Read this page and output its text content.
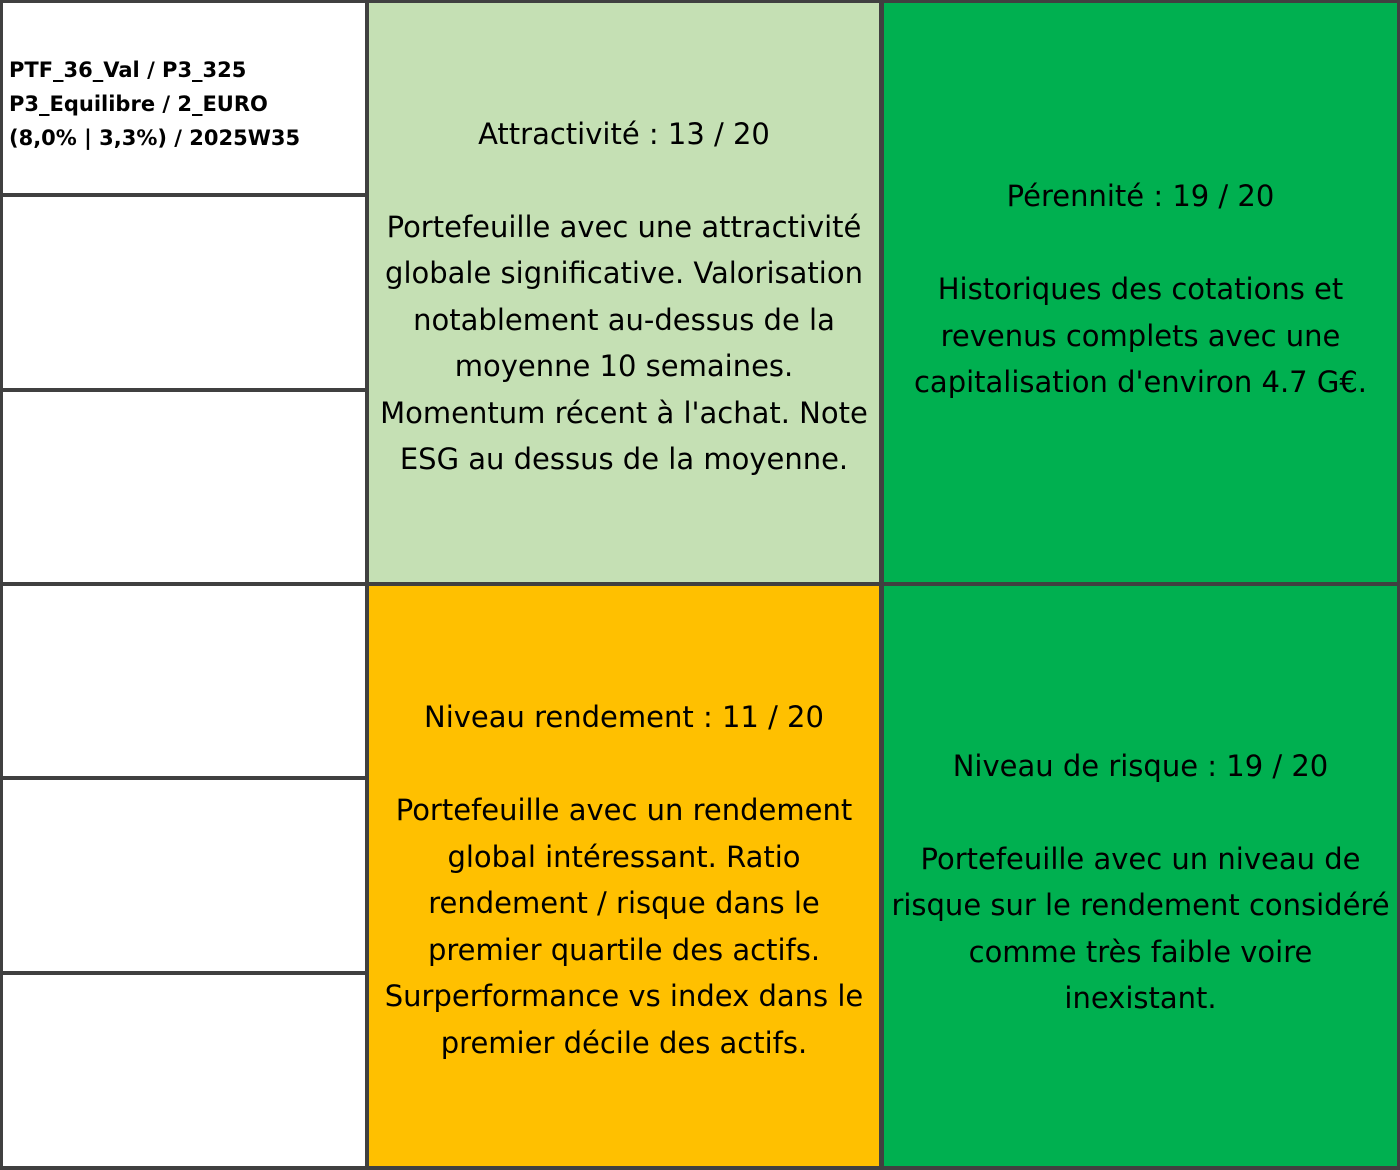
PTF_36_Val / P3_325
P3_Equilibre / 2_EURO
(8,0% | 3,3%) / 2025W35	Attractivité : 13 / 20
Portefeuille avec une attractivité globale significative. Valorisation notablement au-dessus de la moyenne 10 semaines. Momentum récent à l'achat. Note ESG au dessus de la moyenne.
Pérennité : 19 / 20
Historiques des cotations et revenus complets avec une capitalisation d'environ 4.7 G€.
Niveau rendement : 11 / 20
Portefeuille avec un rendement global intéressant. Ratio rendement / risque dans le premier quartile des actifs. Surperformance vs index dans le premier décile des actifs.
Niveau de risque : 19 / 20
Portefeuille avec un niveau de risque sur le rendement considéré comme très faible voire inexistant.
